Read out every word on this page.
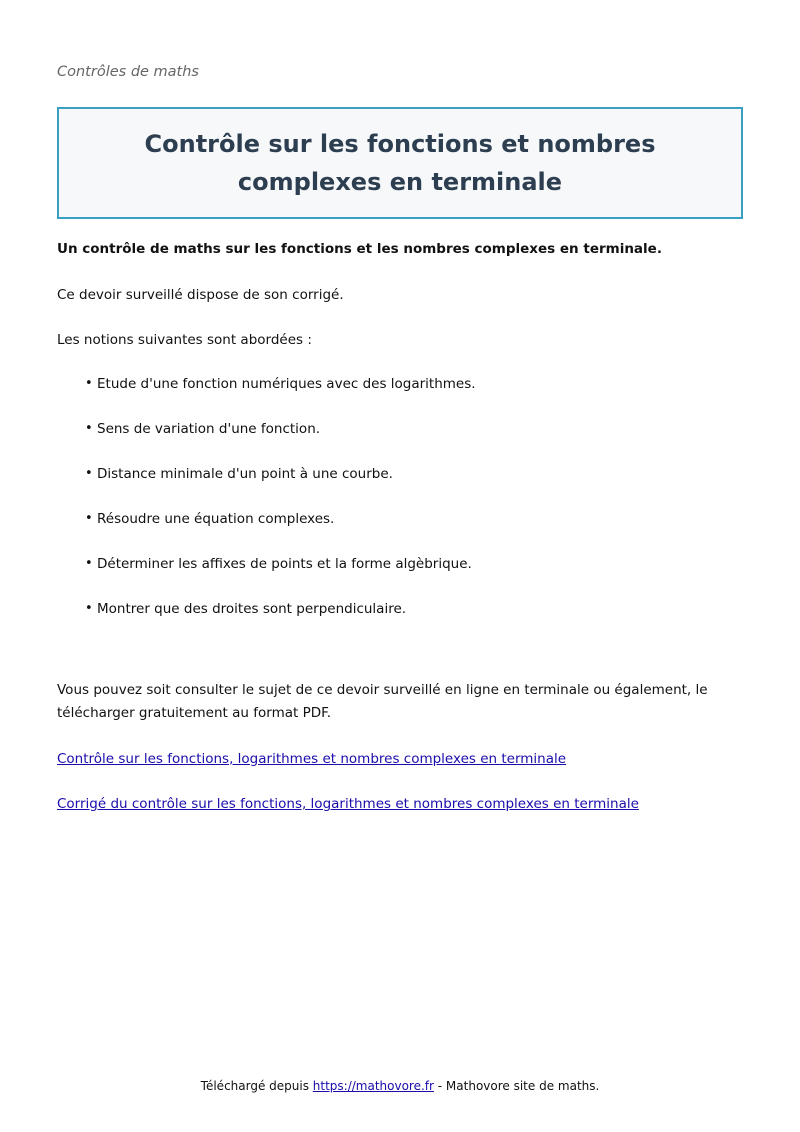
Contrôles de maths

Contrôle sur les fonctions et nombres complexes en terminale

Un contrôle de maths sur les fonctions et les nombres complexes en terminale.

Ce devoir surveillé dispose de son corrigé.

Les notions suivantes sont abordées :

• Etude d'une fonction numériques avec des logarithmes.
• Sens de variation d'une fonction.
• Distance minimale d'un point à une courbe.
• Résoudre une équation complexes.
• Déterminer les affixes de points et la forme algèbrique.
• Montrer que des droites sont perpendiculaire.

Vous pouvez soit consulter le sujet de ce devoir surveillé en ligne en terminale ou également, le télécharger gratuitement au format PDF.

Contrôle sur les fonctions, logarithmes et nombres complexes en terminale
Corrigé du contrôle sur les fonctions, logarithmes et nombres complexes en terminale
Téléchargé depuis https://mathovore.fr - Mathovore site de maths.
